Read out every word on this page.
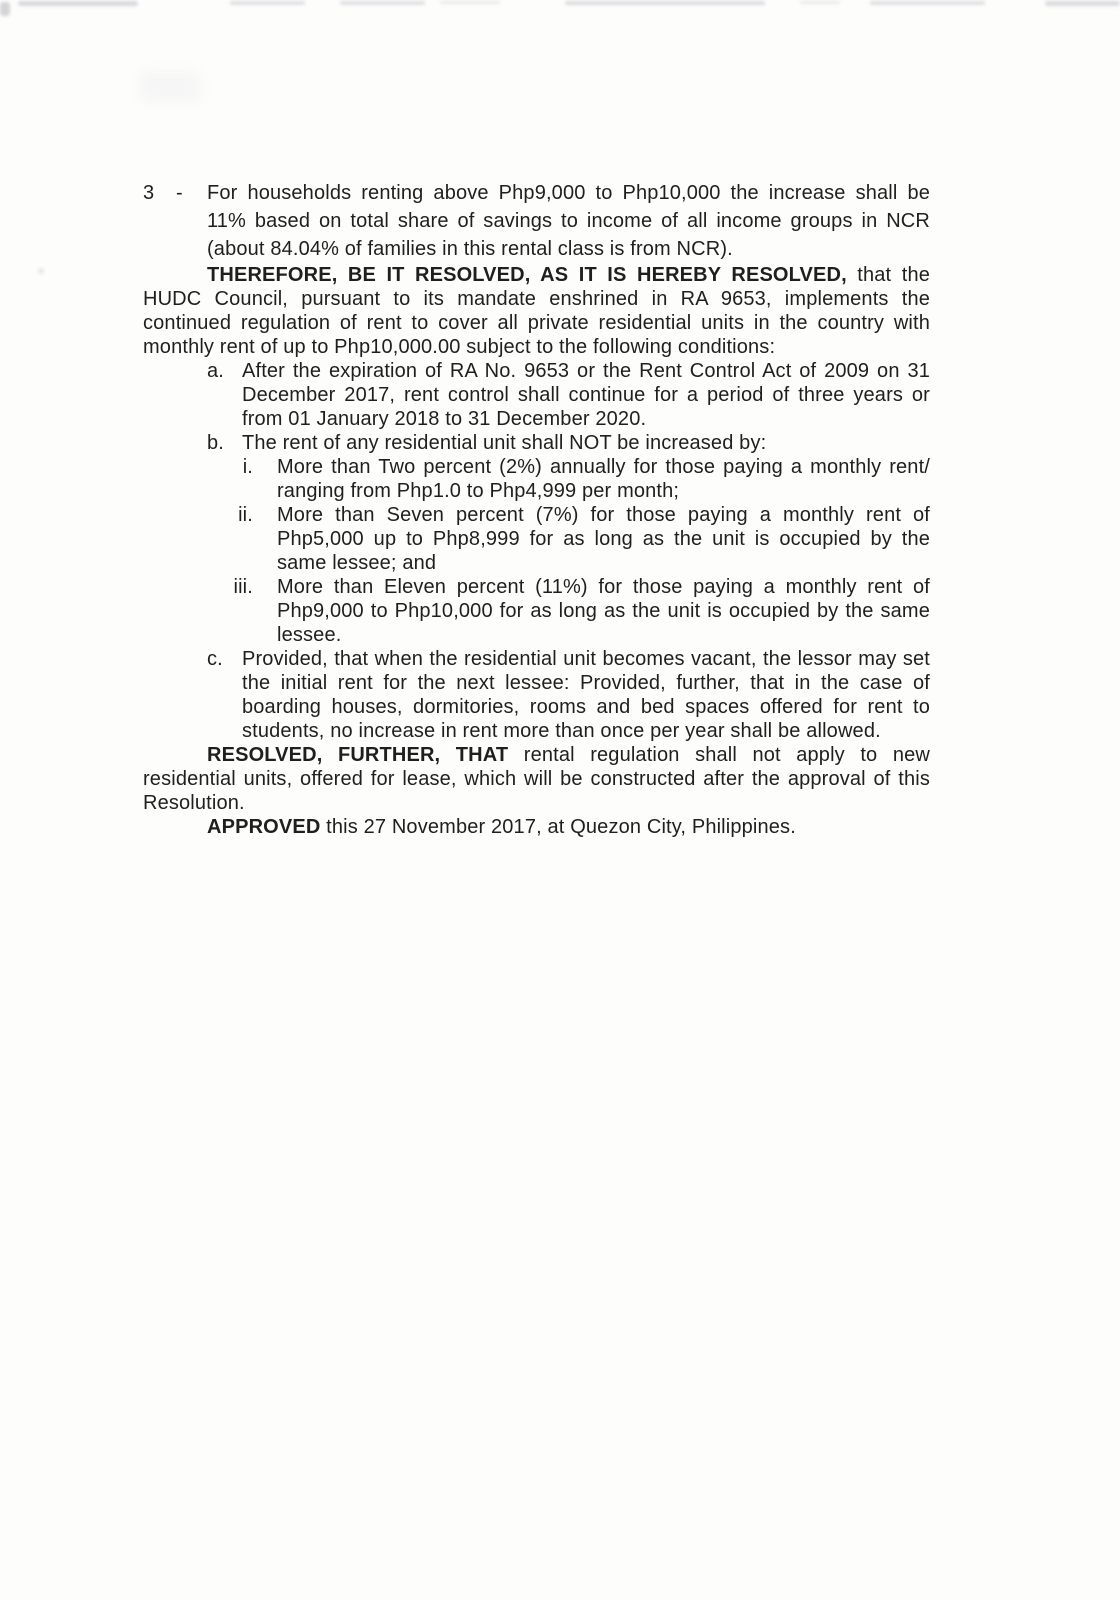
3 - For households renting above Php9,000 to Php10,000 the increase shall be 11% based on total share of savings to income of all income groups in NCR (about 84.04% of families in this rental class is from NCR).

THEREFORE, BE IT RESOLVED, AS IT IS HEREBY RESOLVED, that the HUDC Council, pursuant to its mandate enshrined in RA 9653, implements the continued regulation of rent to cover all private residential units in the country with monthly rent of up to Php10,000.00 subject to the following conditions:

a. After the expiration of RA No. 9653 or the Rent Control Act of 2009 on 31 December 2017, rent control shall continue for a period of three years or from 01 January 2018 to 31 December 2020.
b. The rent of any residential unit shall NOT be increased by:
i. More than Two percent (2%) annually for those paying a monthly rent/ ranging from Php1.0 to Php4,999 per month;
ii. More than Seven percent (7%) for those paying a monthly rent of Php5,000 up to Php8,999 for as long as the unit is occupied by the same lessee; and
iii. More than Eleven percent (11%) for those paying a monthly rent of Php9,000 to Php10,000 for as long as the unit is occupied by the same lessee.
c. Provided, that when the residential unit becomes vacant, the lessor may set the initial rent for the next lessee: Provided, further, that in the case of boarding houses, dormitories, rooms and bed spaces offered for rent to students, no increase in rent more than once per year shall be allowed.

RESOLVED, FURTHER, THAT rental regulation shall not apply to new residential units, offered for lease, which will be constructed after the approval of this Resolution.

APPROVED this 27 November 2017, at Quezon City, Philippines.
